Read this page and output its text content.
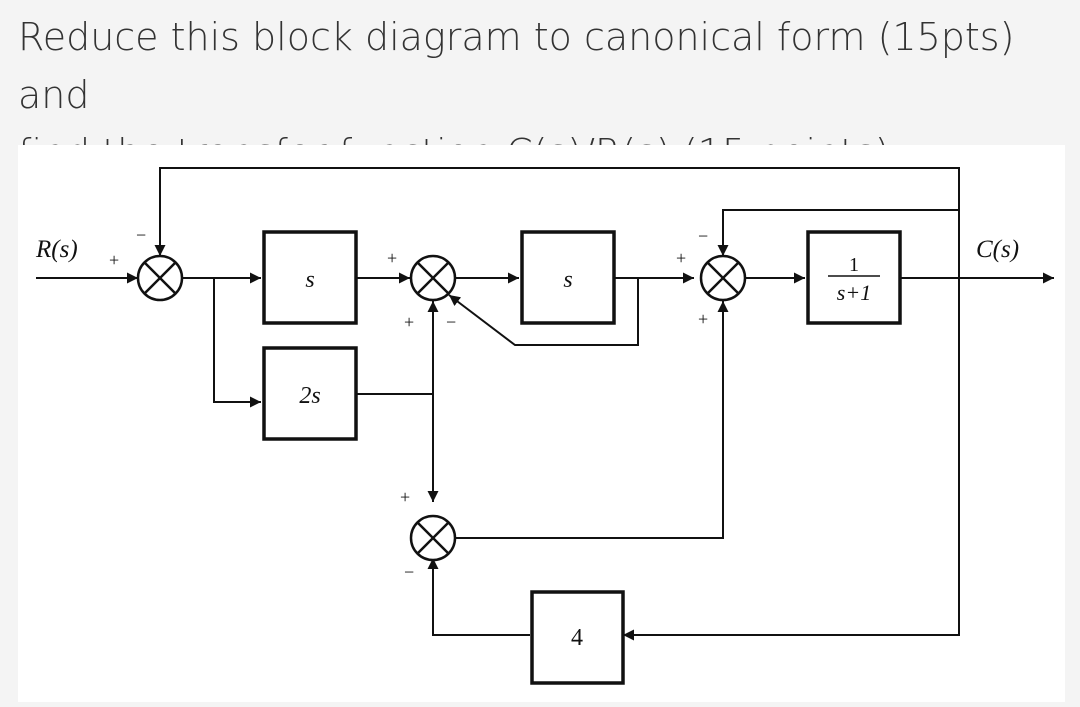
Reduce this block diagram to canonical form (15pts) and
s
2s
s
1
s+1
4
R(s)	C(s)
+
−
+
+ −
+
−
+
+
−
